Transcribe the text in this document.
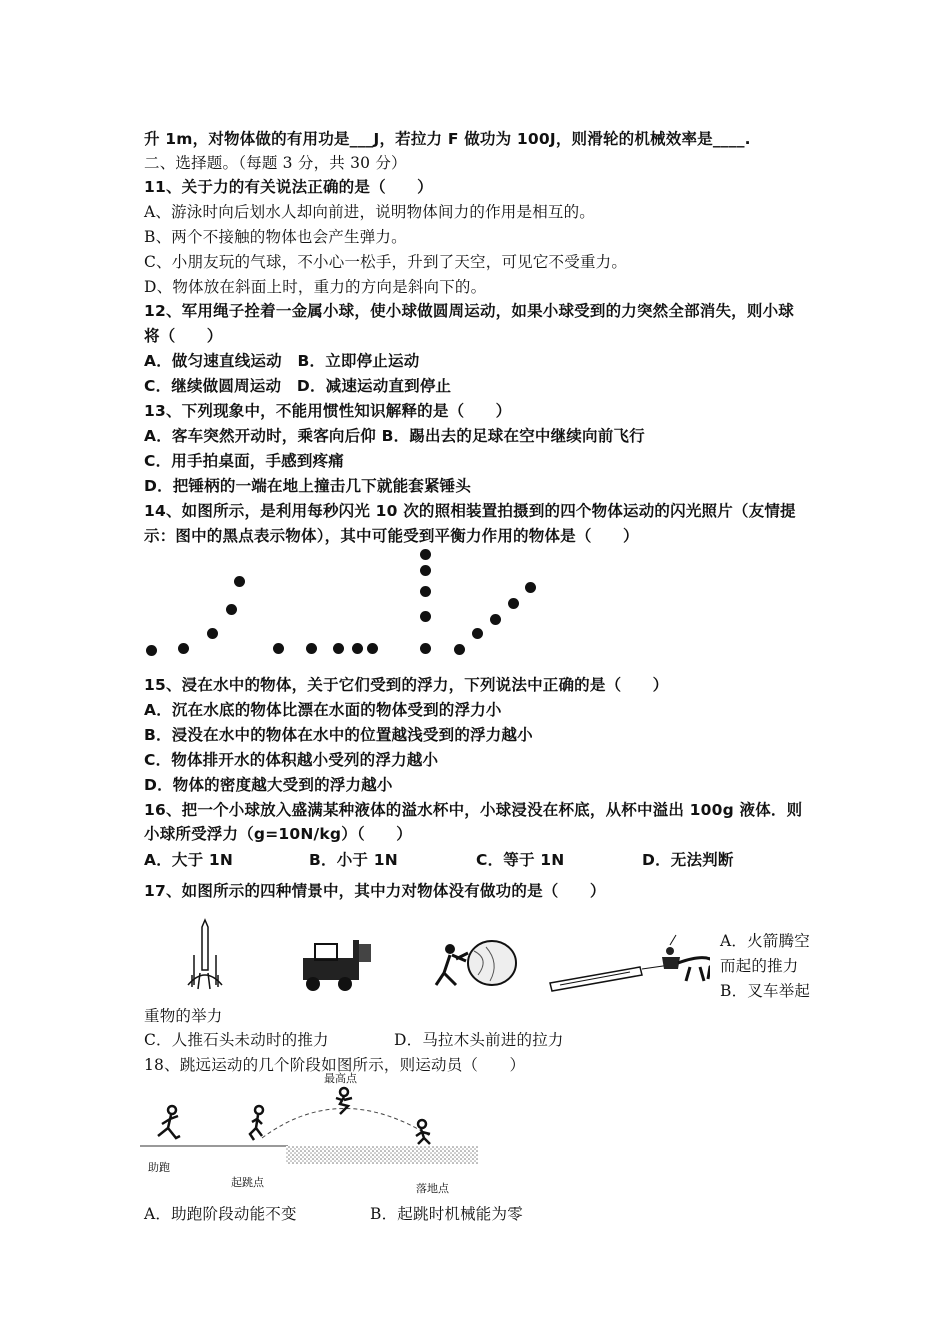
升 1m，对物体做的有用功是___J，若拉力 F 做功为 100J，则滑轮的机械效率是____.
二、选择题。（每题 3 分，共 30 分）
11、关于力的有关说法正确的是（　　）
A、游泳时向后划水人却向前进，说明物体间力的作用是相互的。
B、两个不接触的物体也会产生弹力。
C、小朋友玩的气球，不小心一松手，升到了天空，可见它不受重力。
D、物体放在斜面上时，重力的方向是斜向下的。
12、军用绳子拴着一金属小球，使小球做圆周运动，如果小球受到的力突然全部消失，则小球
将（　　）
A．做匀速直线运动　B．立即停止运动
C．继续做圆周运动　D．减速运动直到停止
13、下列现象中，不能用惯性知识解释的是（　　）
A．客车突然开动时，乘客向后仰 B．踢出去的足球在空中继续向前飞行
C．用手拍桌面，手感到疼痛
D．把锤柄的一端在地上撞击几下就能套紧锤头
14、如图所示，是利用每秒闪光 10 次的照相装置拍摄到的四个物体运动的闪光照片（友情提
示：图中的黑点表示物体），其中可能受到平衡力作用的物体是（　　）
15、浸在水中的物体，关于它们受到的浮力，下列说法中正确的是（　　）
A．沉在水底的物体比漂在水面的物体受到的浮力小
B．浸没在水中的物体在水中的位置越浅受到的浮力越小
C．物体排开水的体积越小受列的浮力越小
D．物体的密度越大受到的浮力越小
16、把一个小球放入盛满某种液体的溢水杯中，小球浸没在杯底，从杯中溢出 100g 液体．则
小球所受浮力（g=10N/kg）（　　）
A．大于 1N	B．小于 1N	C．等于 1N	D．无法判断
17、如图所示的四种情景中，其中力对物体没有做功的是（　　）
A．火箭腾空
而起的推力
B．叉车举起
重物的举力
C．人推石头未动时的推力	D．马拉木头前进的拉力
18、跳远运动的几个阶段如图所示，则运动员（　　）
最高点
助跑
起跳点	落地点
A．助跑阶段动能不变	B．起跳时机械能为零
